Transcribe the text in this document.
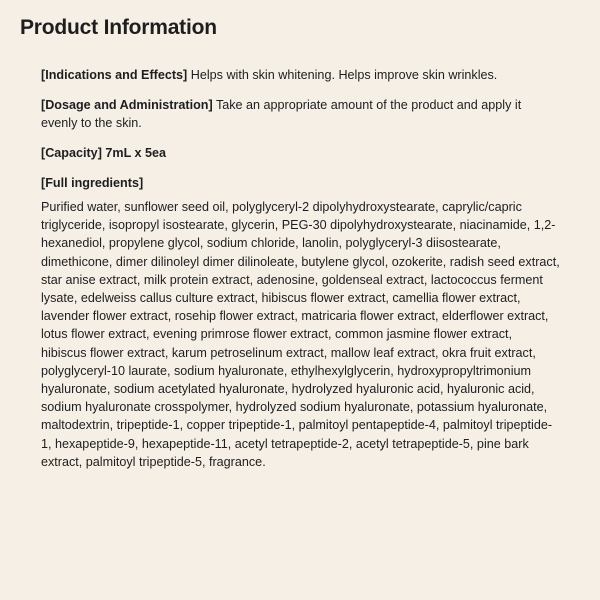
Product Information

[Indications and Effects] Helps with skin whitening. Helps improve skin wrinkles.

[Dosage and Administration] Take an appropriate amount of the product and apply it evenly to the skin.

[Capacity] 7mL x 5ea

[Full ingredients]

Purified water, sunflower seed oil, polyglyceryl-2 dipolyhydroxystearate, caprylic/capric triglyceride, isopropyl isostearate, glycerin, PEG-30 dipolyhydroxystearate, niacinamide, 1,2-hexanediol, propylene glycol, sodium chloride, lanolin, polyglyceryl-3 diisostearate, dimethicone, dimer dilinoleyl dimer dilinoleate, butylene glycol, ozokerite, radish seed extract, star anise extract, milk protein extract, adenosine, goldenseal extract, lactococcus ferment lysate, edelweiss callus culture extract, hibiscus flower extract, camellia flower extract, lavender flower extract, rosehip flower extract, matricaria flower extract, elderflower extract, lotus flower extract, evening primrose flower extract, common jasmine flower extract, hibiscus flower extract, karum petroselinum extract, mallow leaf extract, okra fruit extract, polyglyceryl-10 laurate, sodium hyaluronate, ethylhexylglycerin, hydroxypropyltrimonium hyaluronate, sodium acetylated hyaluronate, hydrolyzed hyaluronic acid, hyaluronic acid, sodium hyaluronate crosspolymer, hydrolyzed sodium hyaluronate, potassium hyaluronate, maltodextrin, tripeptide-1, copper tripeptide-1, palmitoyl pentapeptide-4, palmitoyl tripeptide-1, hexapeptide-9, hexapeptide-11, acetyl tetrapeptide-2, acetyl tetrapeptide-5, pine bark extract, palmitoyl tripeptide-5, fragrance.
